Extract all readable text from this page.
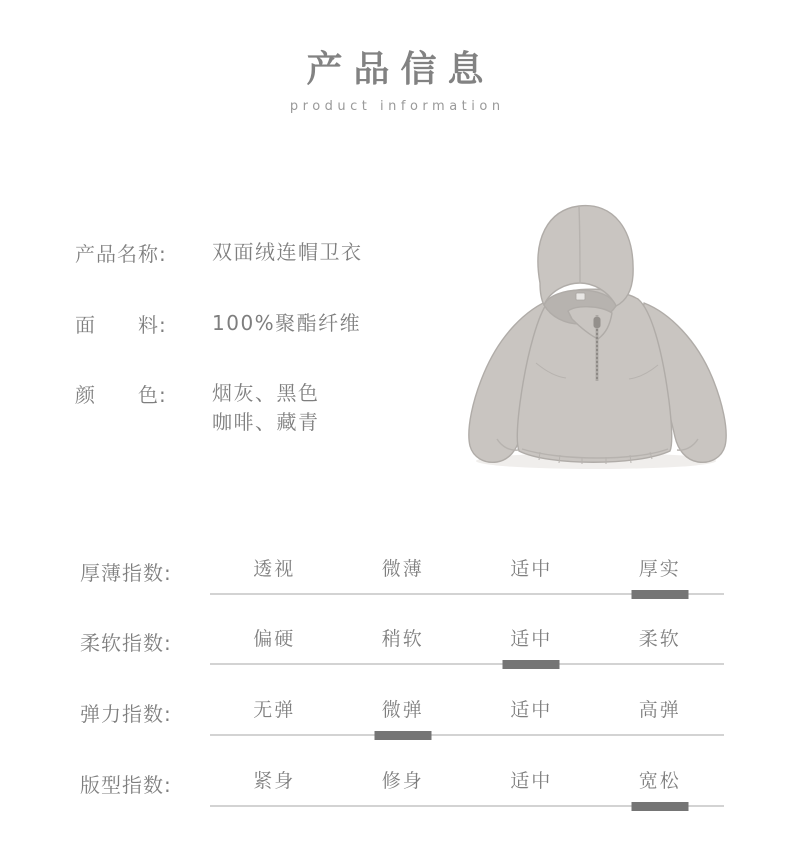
产品信息
product information
产品名称:	双面绒连帽卫衣
面　　料:	100%聚酯纤维
颜　　色:	烟灰、黑色
咖啡、藏青
厚薄指数:	透视	微薄	适中	厚实
柔软指数:	偏硬	稍软	适中	柔软
弹力指数:	无弹	微弹	适中	高弹
版型指数:	紧身	修身	适中	宽松
